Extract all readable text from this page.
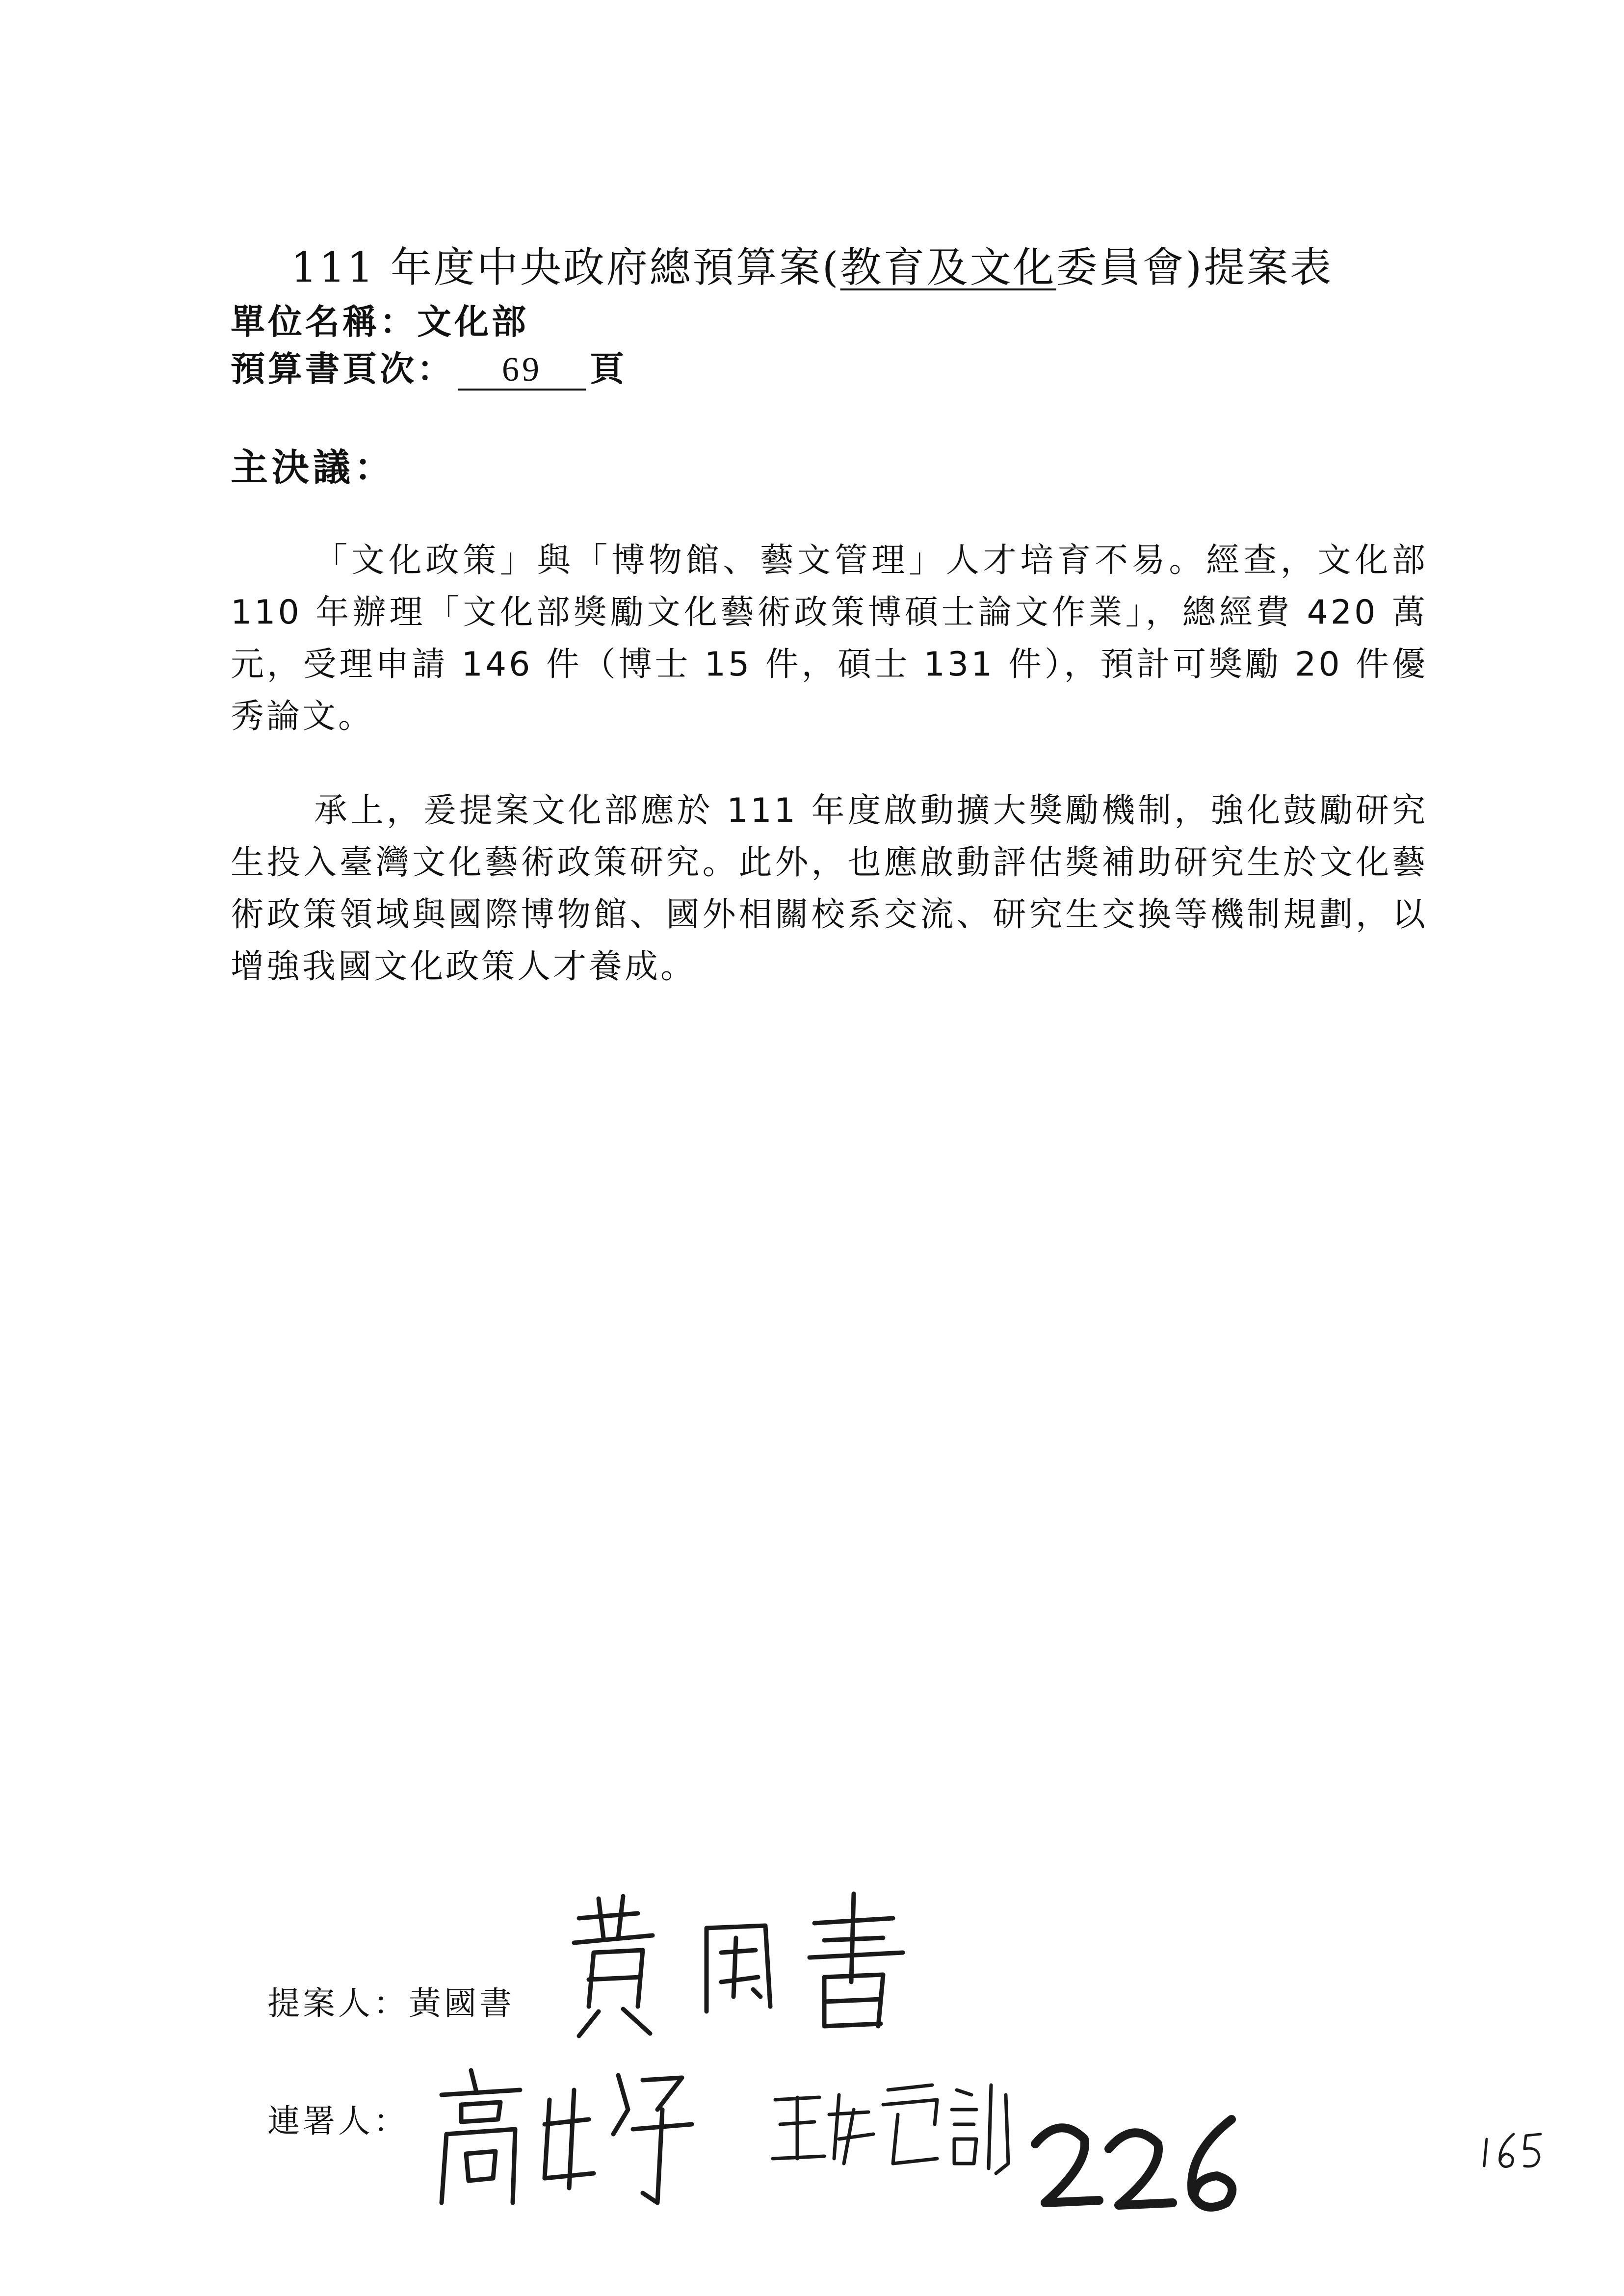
111 年度中央政府總預算案(教育及文化委員會)提案表
單位名稱：文化部
預算書頁次： 69 頁
主決議：

「文化政策」與「博物館、藝文管理」人才培育不易。經查，文化部 110 年辦理「文化部獎勵文化藝術政策博碩士論文作業」，總經費 420 萬元，受理申請 146 件（博士 15 件，碩士 131 件），預計可獎勵 20 件優秀論文。

承上，爰提案文化部應於 111 年度啟動擴大獎勵機制，強化鼓勵研究生投入臺灣文化藝術政策研究。此外，也應啟動評估獎補助研究生於文化藝術政策領域與國際博物館、國外相關校系交流、研究生交換等機制規劃，以增強我國文化政策人才養成。

提案人：黃國書
連署人：
